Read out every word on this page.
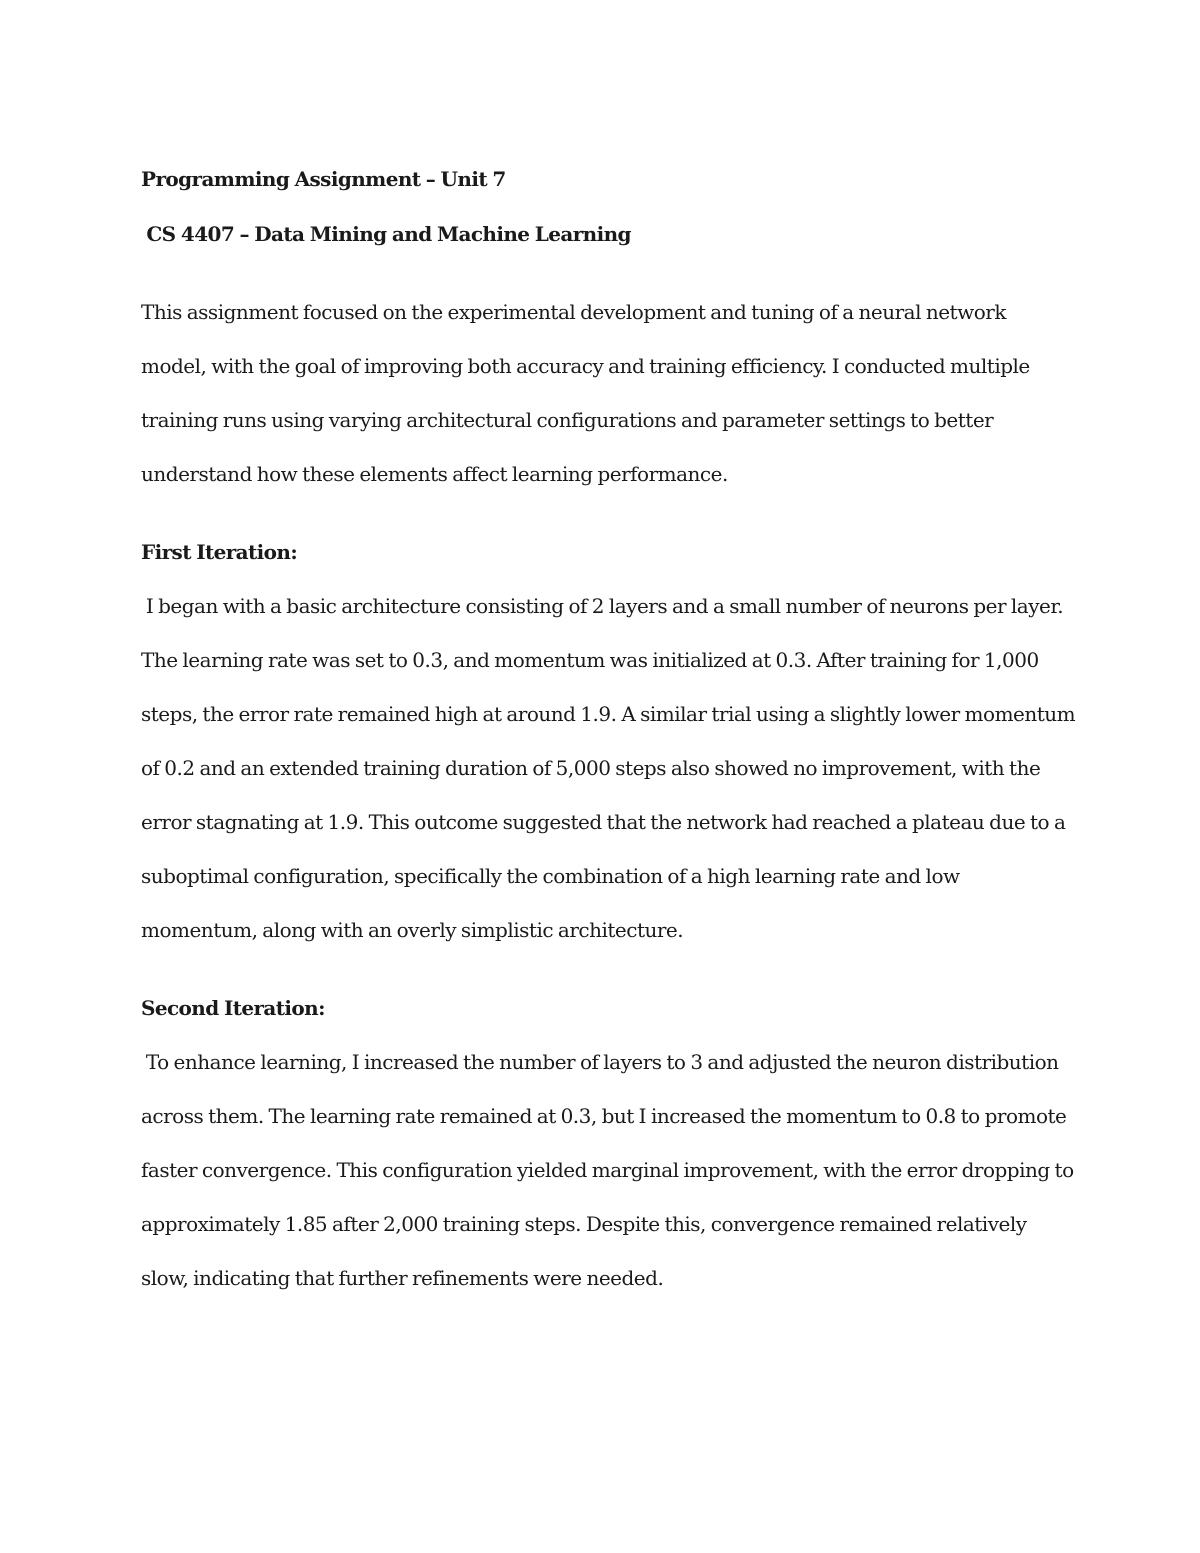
Programming Assignment – Unit 7
CS 4407 – Data Mining and Machine Learning
This assignment focused on the experimental development and tuning of a neural network
model, with the goal of improving both accuracy and training efficiency. I conducted multiple
training runs using varying architectural configurations and parameter settings to better
understand how these elements affect learning performance.
First Iteration:
I began with a basic architecture consisting of 2 layers and a small number of neurons per layer.
The learning rate was set to 0.3, and momentum was initialized at 0.3. After training for 1,000
steps, the error rate remained high at around 1.9. A similar trial using a slightly lower momentum
of 0.2 and an extended training duration of 5,000 steps also showed no improvement, with the
error stagnating at 1.9. This outcome suggested that the network had reached a plateau due to a
suboptimal configuration, specifically the combination of a high learning rate and low
momentum, along with an overly simplistic architecture.
Second Iteration:
To enhance learning, I increased the number of layers to 3 and adjusted the neuron distribution
across them. The learning rate remained at 0.3, but I increased the momentum to 0.8 to promote
faster convergence. This configuration yielded marginal improvement, with the error dropping to
approximately 1.85 after 2,000 training steps. Despite this, convergence remained relatively
slow, indicating that further refinements were needed.
